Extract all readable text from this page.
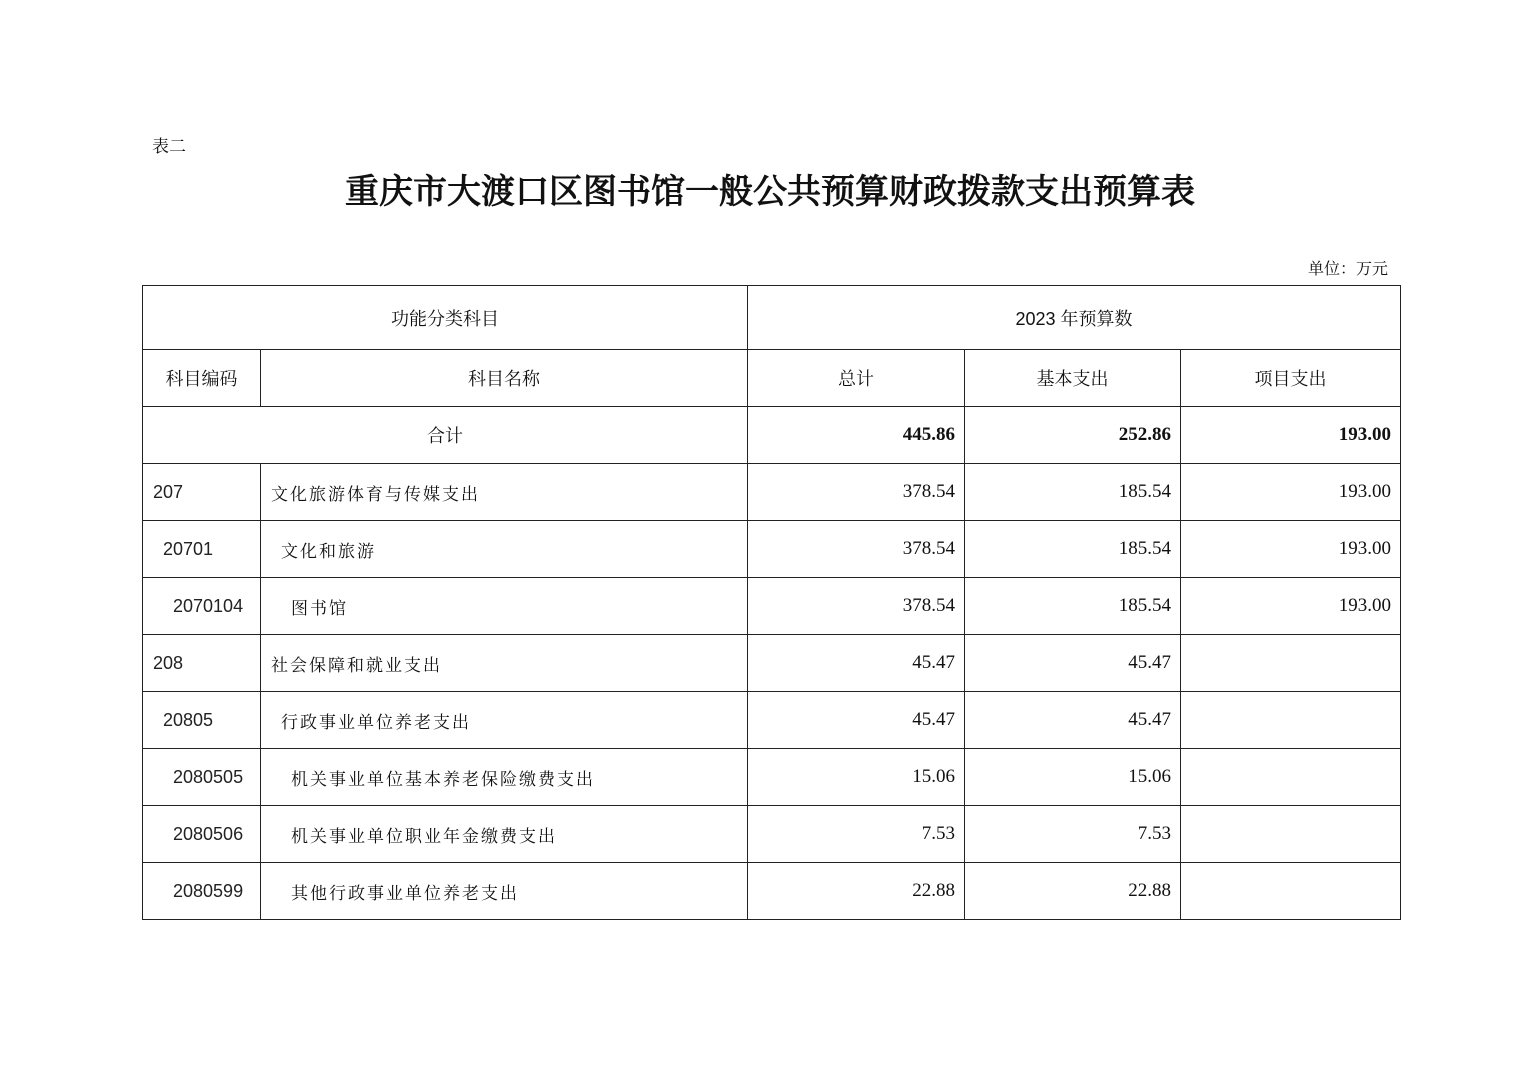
表二
重庆市大渡口区图书馆一般公共预算财政拨款支出预算表
单位：万元
功能分类科目		2023 年预算数		
科目编码	科目名称	总计	基本支出	项目支出
合计		445.86	252.86	193.00
207	文化旅游体育与传媒支出	378.54	185.54	193.00
20701	文化和旅游	378.54	185.54	193.00
2070104	图书馆	378.54	185.54	193.00
208	社会保障和就业支出	45.47	45.47	
20805	行政事业单位养老支出	45.47	45.47	
2080505	机关事业单位基本养老保险缴费支出	15.06	15.06	
2080506	机关事业单位职业年金缴费支出	7.53	7.53	
2080599	其他行政事业单位养老支出	22.88	22.88	
